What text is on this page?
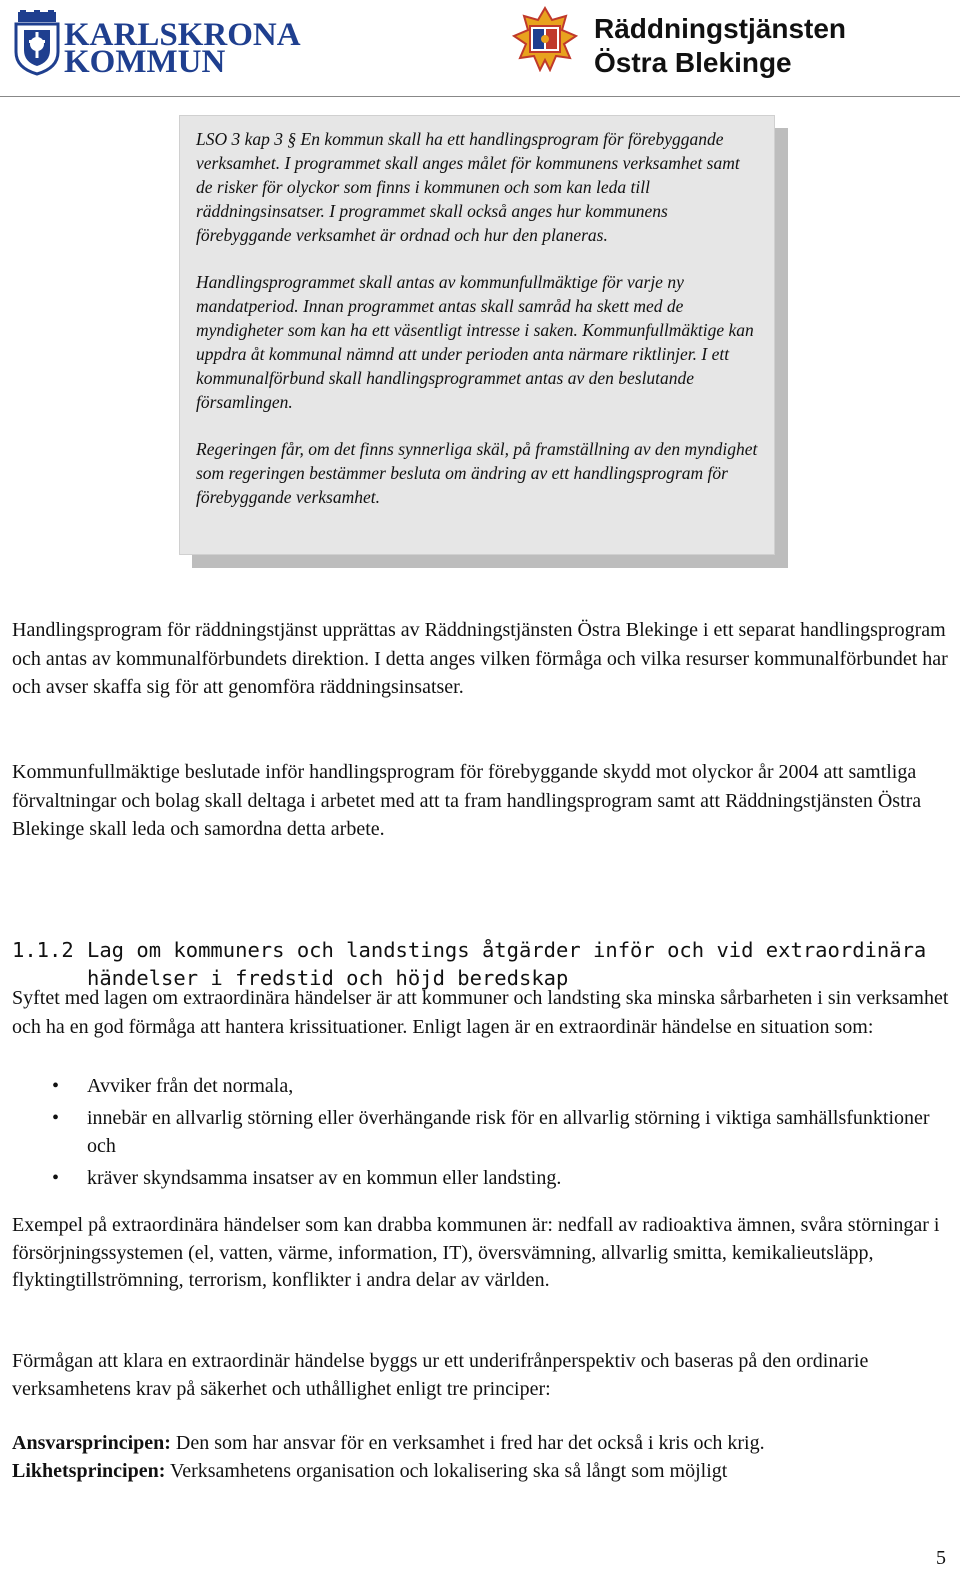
KARLSKRONA
KOMMUN
Räddningstjänsten
Östra Blekinge

LSO 3 kap 3 § En kommun skall ha ett handlingsprogram för förebyggande verksamhet. I programmet skall anges målet för kommunens verksamhet samt de risker för olyckor som finns i kommunen och som kan leda till räddningsinsatser. I programmet skall också anges hur kommunens förebyggande verksamhet är ordnad och hur den planeras.

Handlingsprogrammet skall antas av kommunfullmäktige för varje ny mandatperiod. Innan programmet antas skall samråd ha skett med de myndigheter som kan ha ett väsentligt intresse i saken. Kommunfullmäktige kan uppdra åt kommunal nämnd att under perioden anta närmare riktlinjer. I ett kommunalförbund skall handlingsprogrammet antas av den beslutande församlingen.

Regeringen får, om det finns synnerliga skäl, på framställning av den myndighet som regeringen bestämmer besluta om ändring av ett handlingsprogram för förebyggande verksamhet.

Handlingsprogram för räddningstjänst upprättas av Räddningstjänsten Östra Blekinge i ett separat handlingsprogram och antas av kommunalförbundets direktion. I detta anges vilken förmåga och vilka resurser kommunalförbundet har och avser skaffa sig för att genomföra räddningsinsatser.

Kommunfullmäktige beslutade inför handlingsprogram för förebyggande skydd mot olyckor år 2004 att samtliga förvaltningar och bolag skall deltaga i arbetet med att ta fram handlingsprogram samt att Räddningstjänsten Östra Blekinge skall leda och samordna detta arbete.

1.1.2 Lag om kommuners och landstings åtgärder inför och vid extraordinära
händelser i fredstid och höjd beredskap

Syftet med lagen om extraordinära händelser är att kommuner och landsting ska minska sårbarheten i sin verksamhet och ha en god förmåga att hantera krissituationer. Enligt lagen är en extraordinär händelse en situation som:

• Avviker från det normala,
• innebär en allvarlig störning eller överhängande risk för en allvarlig störning i viktiga samhällsfunktioner och
• kräver skyndsamma insatser av en kommun eller landsting.

Exempel på extraordinära händelser som kan drabba kommunen är: nedfall av radioaktiva ämnen, svåra störningar i försörjningssystemen (el, vatten, värme, information, IT), översvämning, allvarlig smitta, kemikalieutsläpp, flyktingtillströmning, terrorism, konflikter i andra delar av världen.

Förmågan att klara en extraordinär händelse byggs ur ett underifrånperspektiv och baseras på den ordinarie verksamhetens krav på säkerhet och uthållighet enligt tre principer:

Ansvarsprincipen: Den som har ansvar för en verksamhet i fred har det också i kris och krig.
Likhetsprincipen: Verksamhetens organisation och lokalisering ska så långt som möjligt

5
